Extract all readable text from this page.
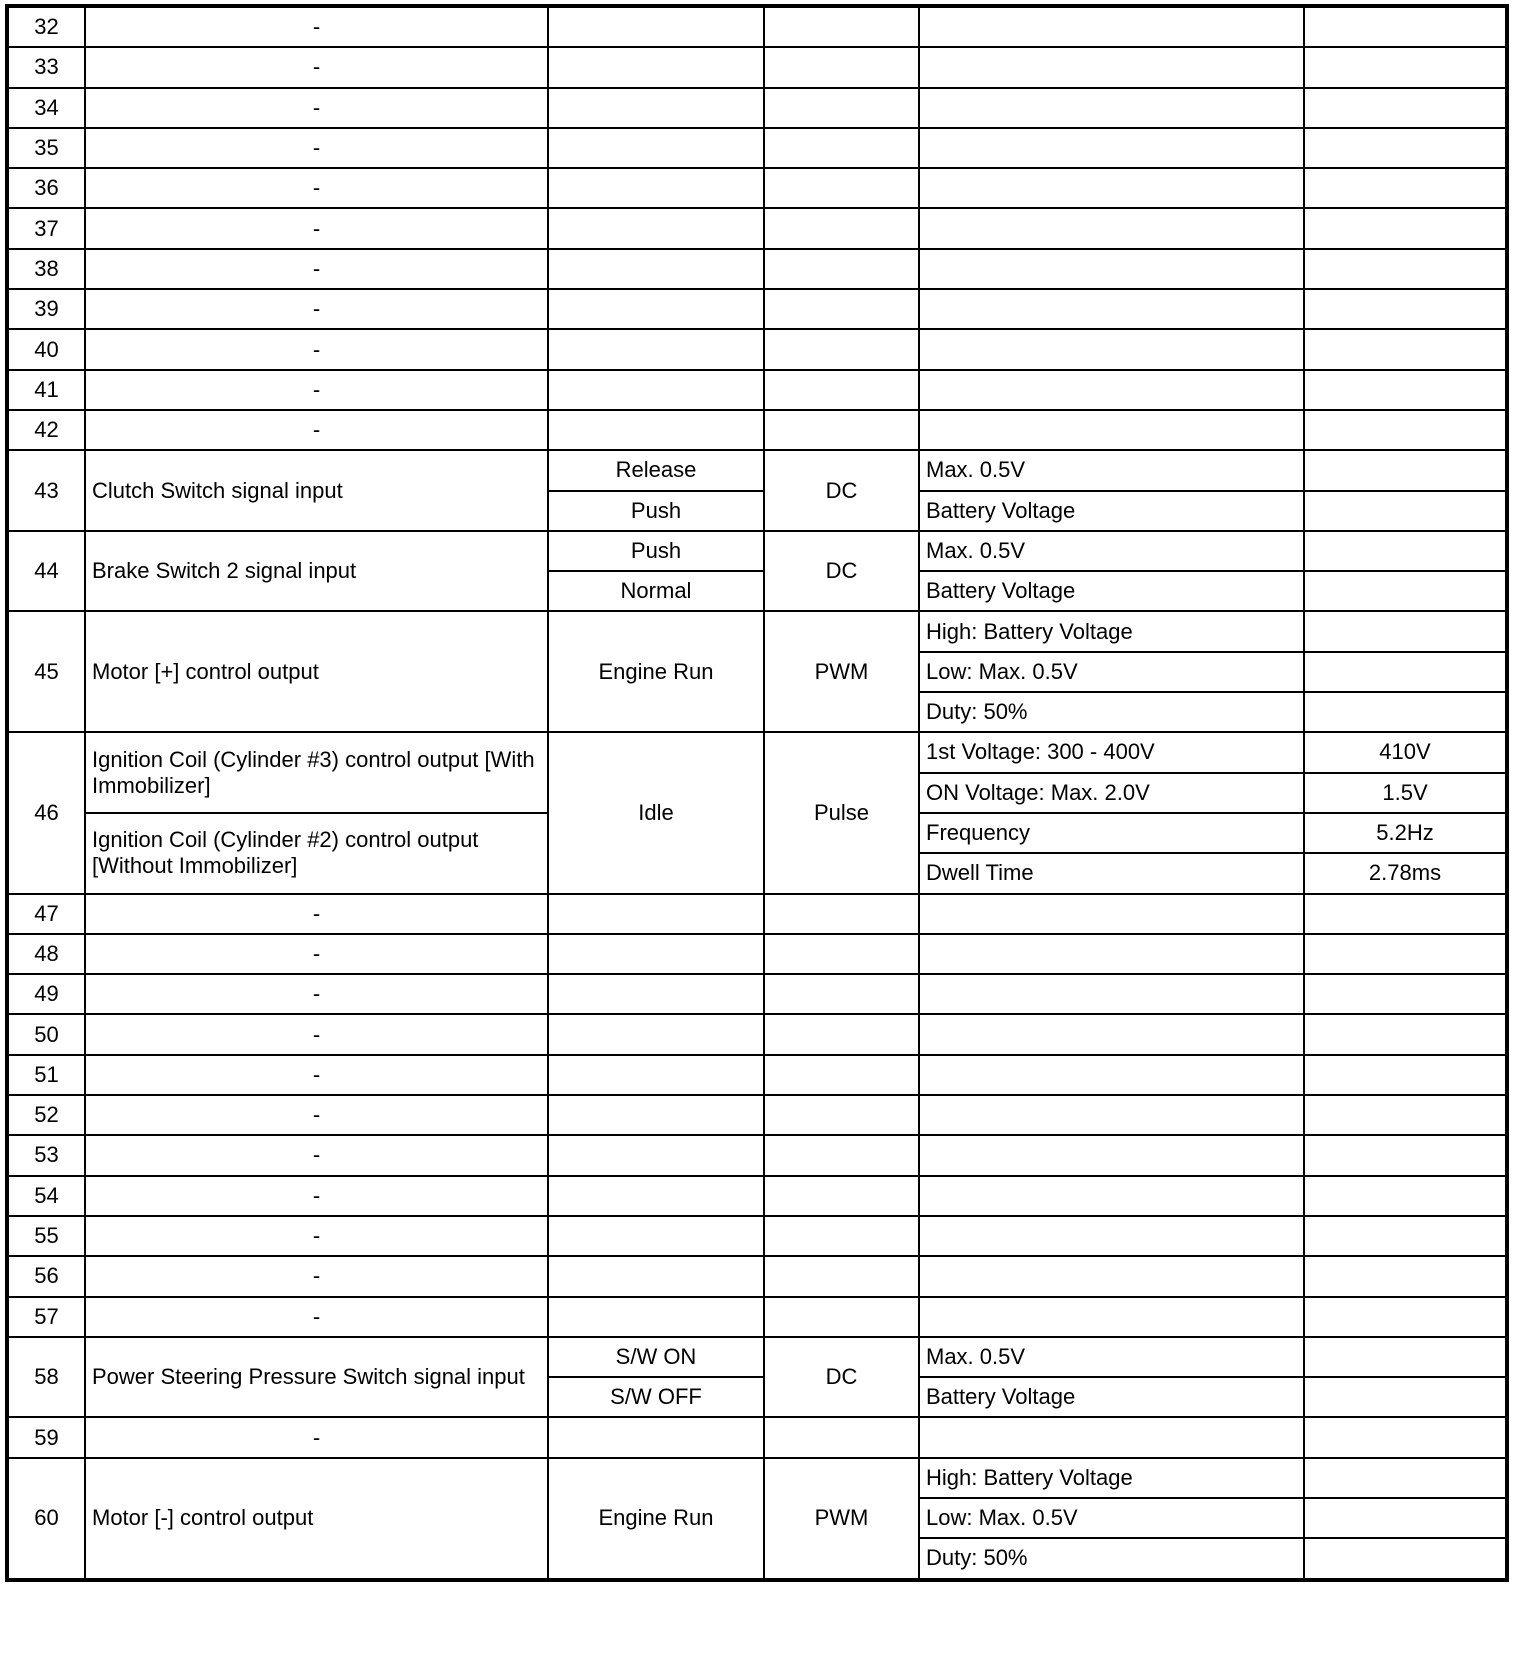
32	-				
33	-				
34	-				
35	-				
36	-				
37	-				
38	-				
39	-				
40	-				
41	-				
42	-				
43	Clutch Switch signal input	Release	DC	Max. 0.5V	
		Push		Battery Voltage	
44	Brake Switch 2 signal input	Push	DC	Max. 0.5V	
		Normal		Battery Voltage	
45	Motor [+] control output	Engine Run	PWM	High: Battery Voltage	
				Low: Max. 0.5V	
				Duty: 50%	
46	Ignition Coil (Cylinder #3) control output [With Immobilizer]	Idle	Pulse	1st Voltage: 300 - 400V	410V
				ON Voltage: Max. 2.0V	1.5V
	Ignition Coil (Cylinder #2) control output [Without Immobilizer]			Frequency	5.2Hz
				Dwell Time	2.78ms
47	-				
48	-				
49	-				
50	-				
51	-				
52	-				
53	-				
54	-				
55	-				
56	-				
57	-				
58	Power Steering Pressure Switch signal input	S/W ON	DC	Max. 0.5V	
		S/W OFF		Battery Voltage	
59	-				
60	Motor [-] control output	Engine Run	PWM	High: Battery Voltage	
				Low: Max. 0.5V	
				Duty: 50%	
